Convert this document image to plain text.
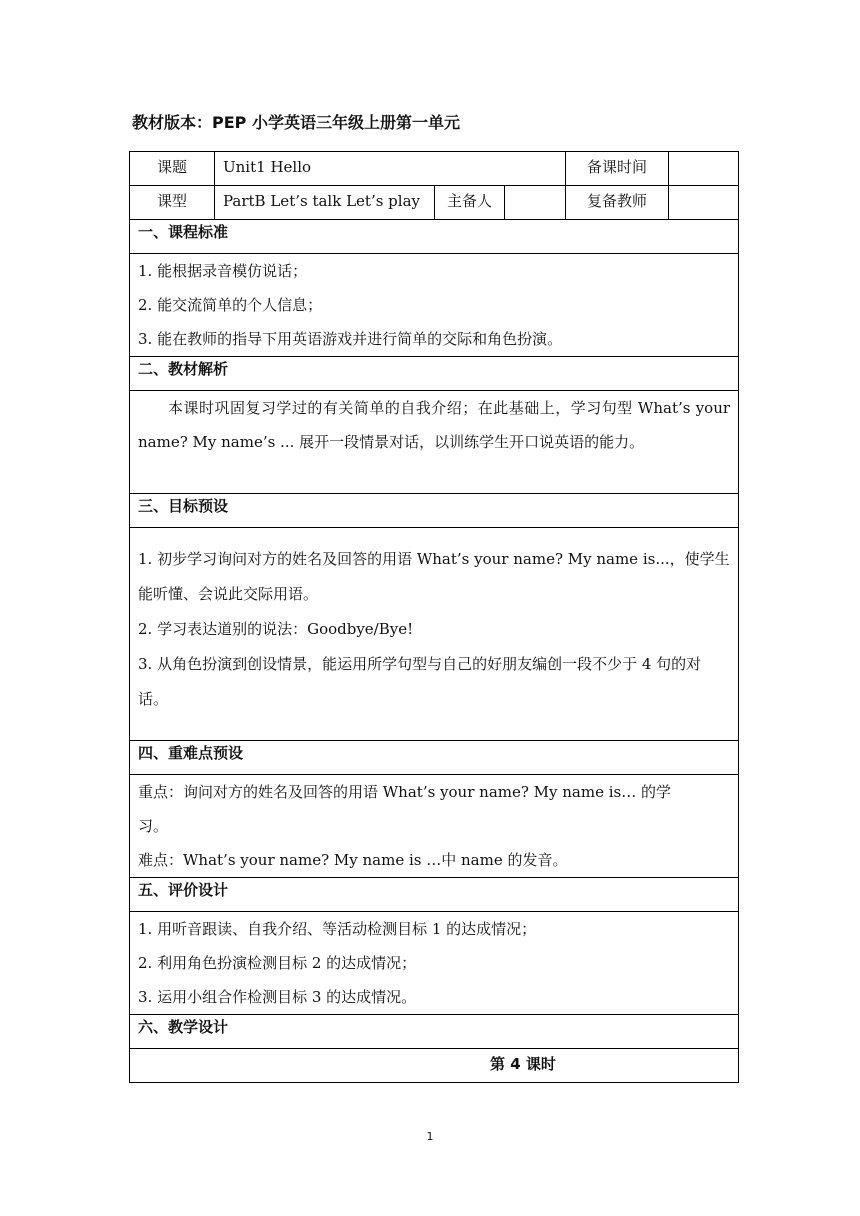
教材版本：PEP 小学英语三年级上册第一单元
课题	Unit1 Hello			备课时间	
课型	PartB Let’s talk Let’s play	主备人		复备教师	
一、课程标准					

1. 能根据录音模仿说话；
2. 能交流简单的个人信息；
3. 能在教师的指导下用英语游戏并进行简单的交际和角色扮演。					

二、教材解析					

本课时巩固复习学过的有关简单的自我介绍；在此基础上，学习句型 What’s your name? My name’s ... 展开一段情景对话，以训练学生开口说英语的能力。					

三、目标预设					

1. 初步学习询问对方的姓名及回答的用语 What’s your name? My name is...，使学生能听懂、会说此交际用语。
2. 学习表达道别的说法：Goodbye/Bye!
3. 从角色扮演到创设情景，能运用所学句型与自己的好朋友编创一段不少于 4 句的对话。					

四、重难点预设					

重点：询问对方的姓名及回答的用语 What’s your name? My name is… 的学习。
难点：What’s your name? My name is …中 name 的发音。					

五、评价设计					

1. 用听音跟读、自我介绍、等活动检测目标 1 的达成情况；
2. 利用角色扮演检测目标 2 的达成情况；
3. 运用小组合作检测目标 3 的达成情况。					

六、教学设计					
第 4 课时					
1
